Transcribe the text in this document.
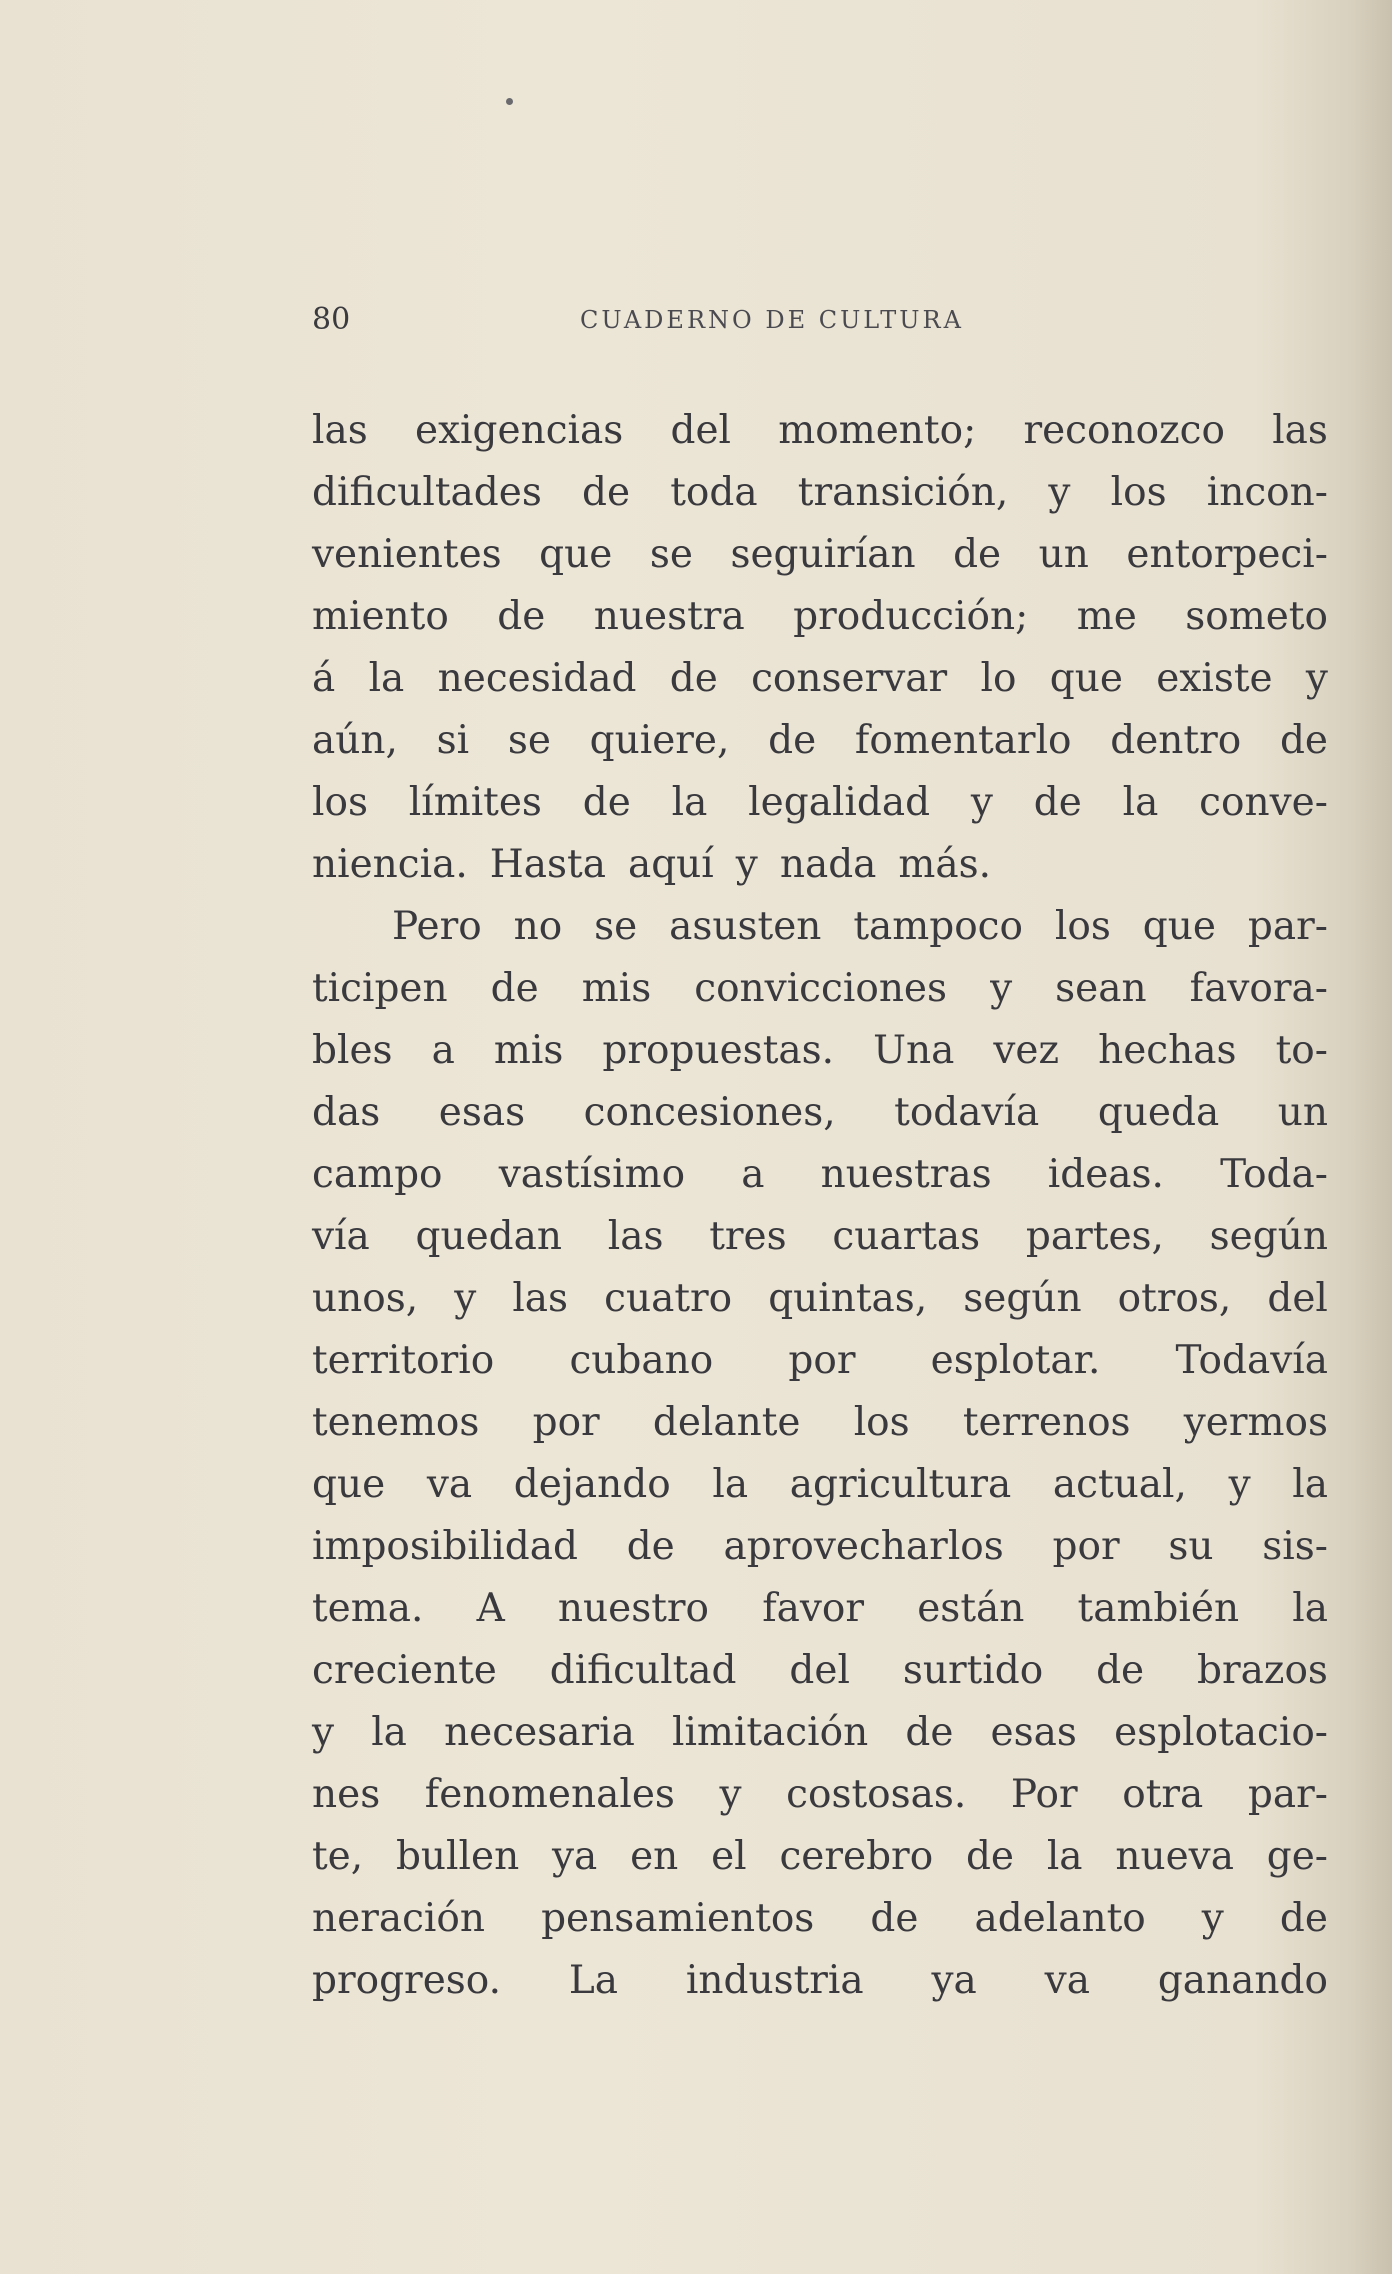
80	CUADERNO DE CULTURA
las exigencias del momento; reconozco las
dificultades de toda transición, y los incon-
venientes que se seguirían de un entorpeci-
miento de nuestra producción; me someto
á la necesidad de conservar lo que existe y
aún, si se quiere, de fomentarlo dentro de
los límites de la legalidad y de la conve-
niencia. Hasta aquí y nada más.
Pero no se asusten tampoco los que par-
ticipen de mis convicciones y sean favora-
bles a mis propuestas. Una vez hechas to-
das esas concesiones, todavía queda un
campo vastísimo a nuestras ideas. Toda-
vía quedan las tres cuartas partes, según
unos, y las cuatro quintas, según otros, del
territorio cubano por esplotar. Todavía
tenemos por delante los terrenos yermos
que va dejando la agricultura actual, y la
imposibilidad de aprovecharlos por su sis-
tema. A nuestro favor están también la
creciente dificultad del surtido de brazos
y la necesaria limitación de esas esplotacio-
nes fenomenales y costosas. Por otra par-
te, bullen ya en el cerebro de la nueva ge-
neración pensamientos de adelanto y de
progreso. La industria ya va ganando
